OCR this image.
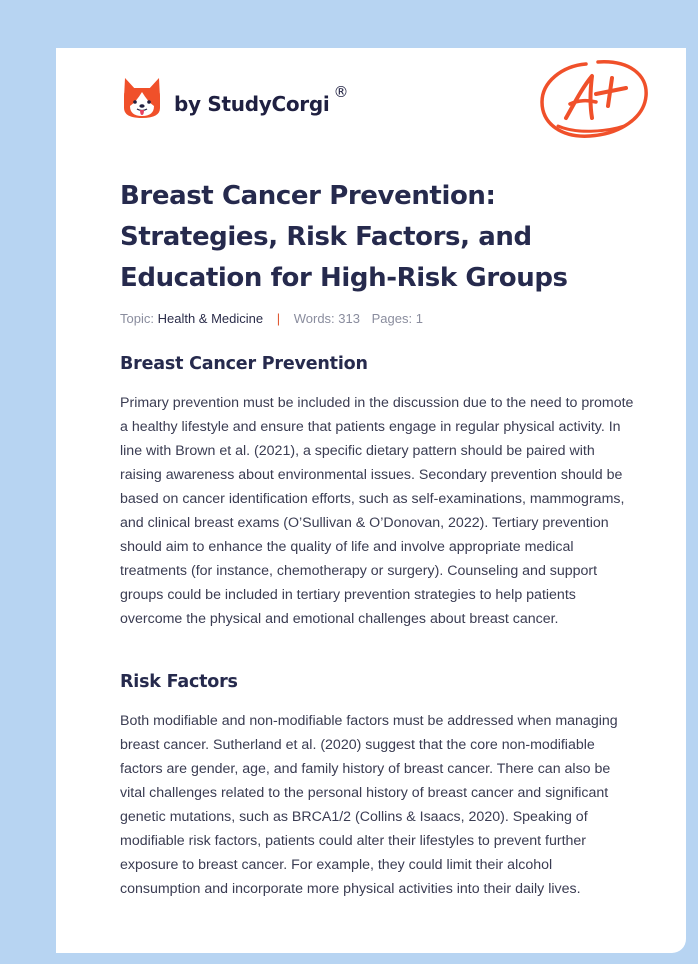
by StudyCorgi ®
Breast Cancer Prevention: Strategies, Risk Factors, and Education for High-Risk Groups
Topic: Health & Medicine | Words: 313 Pages: 1
Breast Cancer Prevention

Primary prevention must be included in the discussion due to the need to promote a healthy lifestyle and ensure that patients engage in regular physical activity. In line with Brown et al. (2021), a specific dietary pattern should be paired with raising awareness about environmental issues. Secondary prevention should be based on cancer identification efforts, such as self-examinations, mammograms, and clinical breast exams (O’Sullivan & O’Donovan, 2022). Tertiary prevention should aim to enhance the quality of life and involve appropriate medical treatments (for instance, chemotherapy or surgery). Counseling and support groups could be included in tertiary prevention strategies to help patients overcome the physical and emotional challenges about breast cancer.

Risk Factors

Both modifiable and non-modifiable factors must be addressed when managing breast cancer. Sutherland et al. (2020) suggest that the core non-modifiable factors are gender, age, and family history of breast cancer. There can also be vital challenges related to the personal history of breast cancer and significant genetic mutations, such as BRCA1/2 (Collins & Isaacs, 2020). Speaking of modifiable risk factors, patients could alter their lifestyles to prevent further exposure to breast cancer. For example, they could limit their alcohol consumption and incorporate more physical activities into their daily lives.
